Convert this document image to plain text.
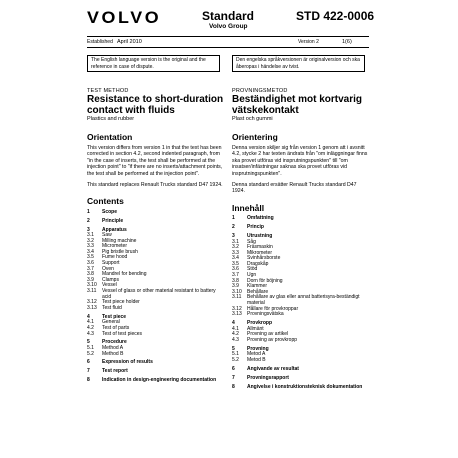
VOLVO	Standard
Volvo Group
STD 422-0006
Established April 2010	Version 2	1(6)
The English language version is the original and the reference in case of dispute.
Den engelska språkversionen är originalversion och ska åberopas i händelse av tvist.
TEST METHOD
Resistance to short-duration contact with fluids
Plastics and rubber
Orientation
This version differs from version 1 in that the text has been corrected in section 4.2, second indented paragraph, from "in the case of inserts, the test shall be performed at the injection point" to "if there are no inserts/attachment points, the test shall be performed at the injection point".
This standard replaces Renault Trucks standard D47 1924.
Contents
1	Scope
2	Principle
3	Apparatus
3.1	Saw
3.2	Milling machine
3.3	Micrometer
3.4	Pig bristle brush
3.5	Fume hood
3.6	Support
3.7	Oven
3.8	Mandrel for bending
3.9	Clamps
3.10	Vessel
3.11	Vessel of glass or other material resistant to battery acid
3.12	Test piece holder
3.13	Test fluid
4	Test piece
4.1	General
4.2	Test of parts
4.3	Test of test pieces
5	Procedure
5.1	Method A
5.2	Method B
6	Expression of results
7	Test report
8	Indication in design-engineering documentation
PROVNINGSMETOD
Beständighet mot kortvarig vätskekontakt
Plast och gummi
Orientering
Denna version skiljer sig från version 1 genom att i avsnitt 4.2, stycke 2 har texten ändrats från "om inläggningar finns ska provet utföras vid insprutningspunkten" till "om insatser/infästningar saknas ska provet utföras vid insprutningspunkten".
Denna standard ersätter Renault Trucks standard D47 1924.
Innehåll
1	Omfattning
2	Princip
3	Utrustning
3.1	Såg
3.2	Fräsmaskin
3.3	Mikrometer
3.4	Svinhårsborste
3.5	Dragskåp
3.6	Stöd
3.7	Ugn
3.8	Dorn för böjning
3.9	Klammer
3.10	Behållare
3.11	Behållare av glas eller annat batterisyra-beständigt material
3.12	Hållare för provkroppar
3.13	Provningsvätska
4	Provkropp
4.1	Allmänt
4.2	Provning av artikel
4.3	Provning av provkropp
5	Provning
5.1	Metod A
5.2	Metod B
6	Angivande av resultat
7	Provningsrapport
8	Angivelse i konstruktionsteknisk dokumentation
